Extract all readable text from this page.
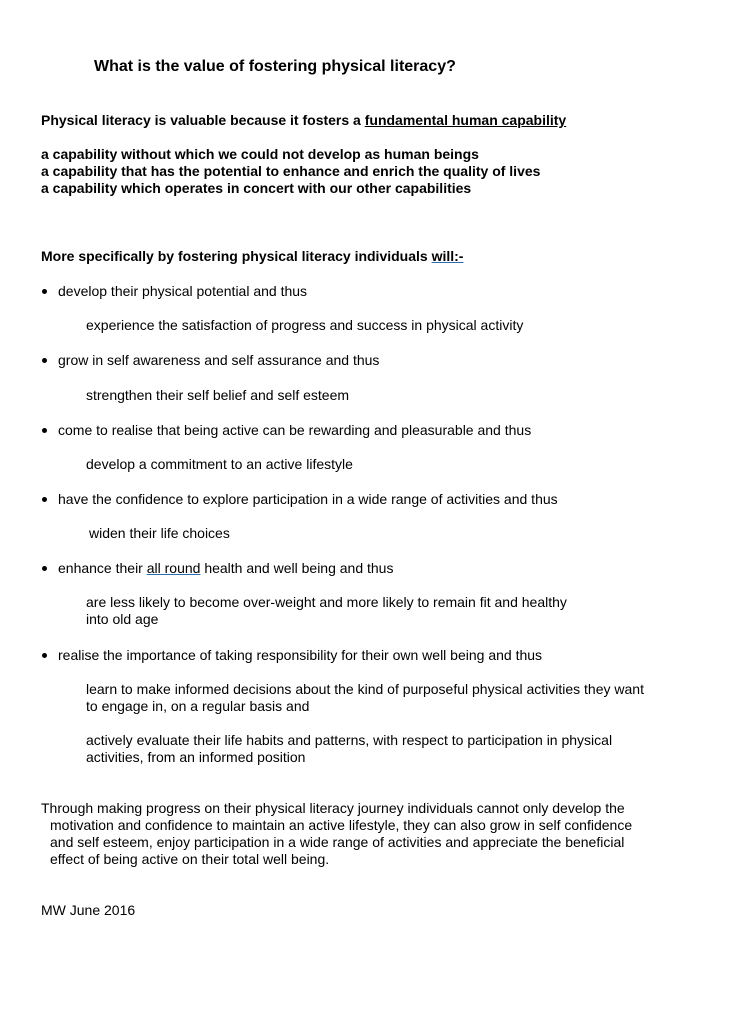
What is the value of fostering physical literacy?
Physical literacy is valuable because it fosters a fundamental human capability
a capability without which we could not develop as human beings
a capability that has the potential to enhance and enrich the quality of lives
a capability which operates in concert with our other capabilities
More specifically by fostering physical literacy individuals will:-
develop their physical potential and thus
experience the satisfaction of progress and success in physical activity
grow in self awareness and self assurance and thus
strengthen their self belief and self esteem
come to realise that being active can be rewarding and pleasurable and thus
develop a commitment to an active lifestyle
have the confidence to explore participation in a wide range of activities and thus
widen their life choices
enhance their all round health and well being and thus
are less likely to become over-weight and more likely to remain fit and healthy
into old age
realise the importance of taking responsibility for their own well being and thus
learn to make informed decisions about the kind of purposeful physical activities they want
to engage in, on a regular basis and
actively evaluate their life habits and patterns, with respect to participation in physical
activities, from an informed position
Through making progress on their physical literacy journey individuals cannot only develop the
motivation and confidence to maintain an active lifestyle, they can also grow in self confidence
and self esteem, enjoy participation in a wide range of activities and appreciate the beneficial
effect of being active on their total well being.
MW June 2016
